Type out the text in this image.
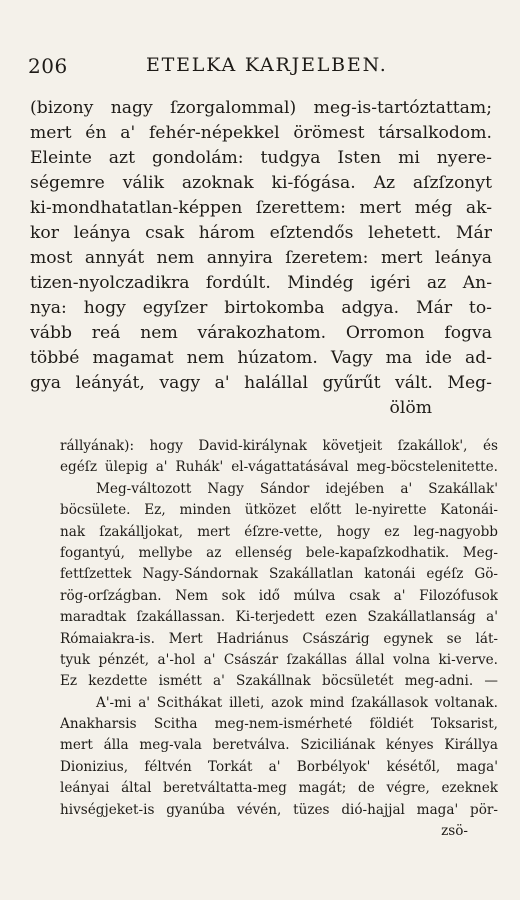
206	ETELKA KARJELBEN.
(bizony nagy ſzorgalommal) meg-is-tartóztattam;
mert én a' fehér-népekkel örömest társalkodom.
Eleinte azt gondolám: tudgya Isten mi nyere-
ségemre válik azoknak ki-fógása. Az aſzſzonyt
ki-mondhatatlan-képpen ſzerettem: mert még ak-
kor leánya csak három eſztendős lehetett. Már
most annyát nem annyira ſzeretem: mert leánya
tizen-nyolczadikra fordúlt. Mindég igéri az An-
nya: hogy egyſzer birtokomba adgya. Már to-
vább reá nem várakozhatom. Orromon fogva
többé magamat nem húzatom. Vagy ma ide ad-
gya leányát, vagy a' halállal gyűrűt vált. Meg-
ölöm
rállyának): hogy David-királynak követjeit ſzakállok', és
egéſz ülepig a' Ruhák' el-vágattatásával meg-böcstelenitette.
Meg-változott Nagy Sándor idejében a' Szakállak'
böcsülete. Ez, minden ütközet előtt le-nyirette Katonái-
nak ſzakálljokat, mert éſzre-vette, hogy ez leg-nagyobb
fogantyú, mellybe az ellenség bele-kapaſzkodhatik. Meg-
fettſzettek Nagy-Sándornak Szakállatlan katonái egéſz Gö-
rög-orſzágban. Nem sok idő múlva csak a' Filozófusok
maradtak ſzakállassan. Ki-terjedett ezen Szakállatlanság a'
Rómaiakra-is. Mert Hadriánus Császárig egynek se lát-
tyuk pénzét, a'-hol a' Császár ſzakállas állal volna ki-verve.
Ez kezdette ismétt a' Szakállnak böcsületét meg-adni. —
A'-mi a' Scithákat illeti, azok mind ſzakállasok voltanak.
Anakharsis Scitha meg-nem-ismérheté földiét Toksarist,
mert álla meg-vala beretválva. Sziciliának kényes Királlya
Dionizius, féltvén Torkát a' Borbélyok' késétől, maga'
leányai által beretváltatta-meg magát; de végre, ezeknek
hivségjeket-is gyanúba vévén, tüzes dió-hajjal maga' pör-
zsö-
